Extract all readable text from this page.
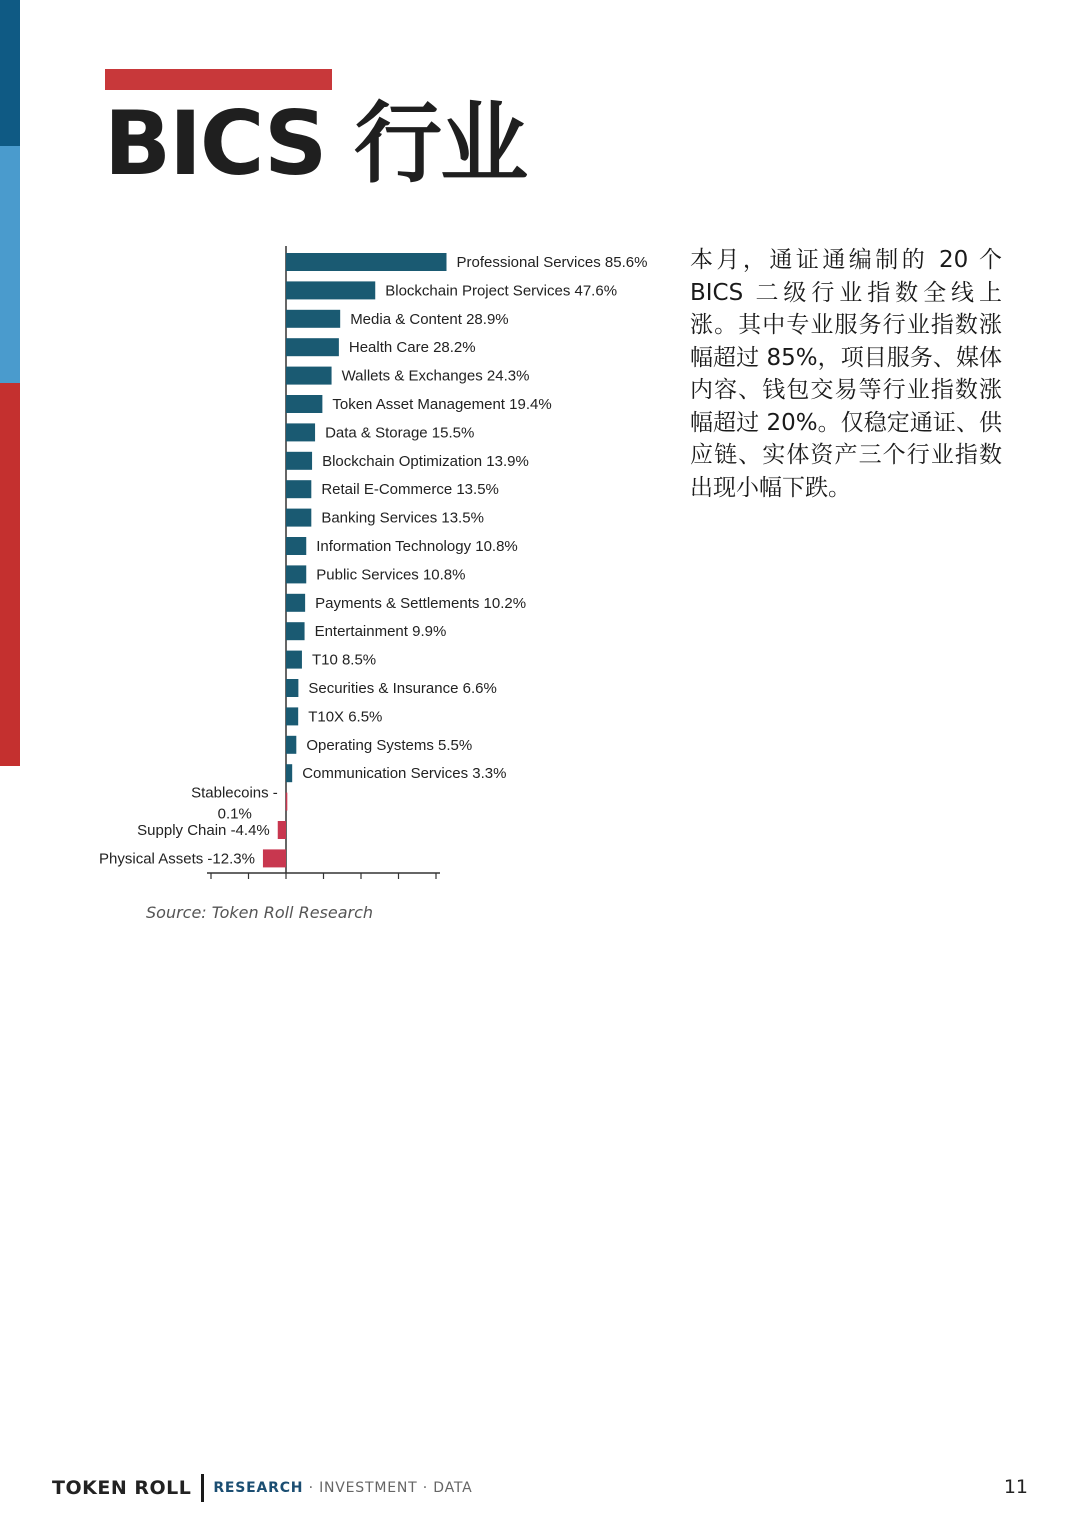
BICS 行业
Professional Services 85.6%
Blockchain Project Services 47.6%
Media & Content 28.9%
Health Care 28.2%
Wallets & Exchanges 24.3%
Token Asset Management 19.4%
Data & Storage 15.5%
Blockchain Optimization 13.9%
Retail E-Commerce 13.5%
Banking Services 13.5%
Information Technology 10.8%
Public Services 10.8%
Payments & Settlements 10.2%
Entertainment 9.9%
T10 8.5%
Securities & Insurance 6.6%
T10X 6.5%
Operating Systems 5.5%
Communication Services 3.3%
Stablecoins -0.1%
Supply Chain -4.4%
Physical Assets -12.3%
Source: Token Roll Research

本月，通证通编制的 20 个 BICS 二级行业指数全线上涨。其中专业服务行业指数涨幅超过 85%，项目服务、媒体内容、钱包交易等行业指数涨幅超过 20%。仅稳定通证、供应链、实体资产三个行业指数出现小幅下跌。

TOKEN ROLL RESEARCH · INVESTMENT · DATA	11
